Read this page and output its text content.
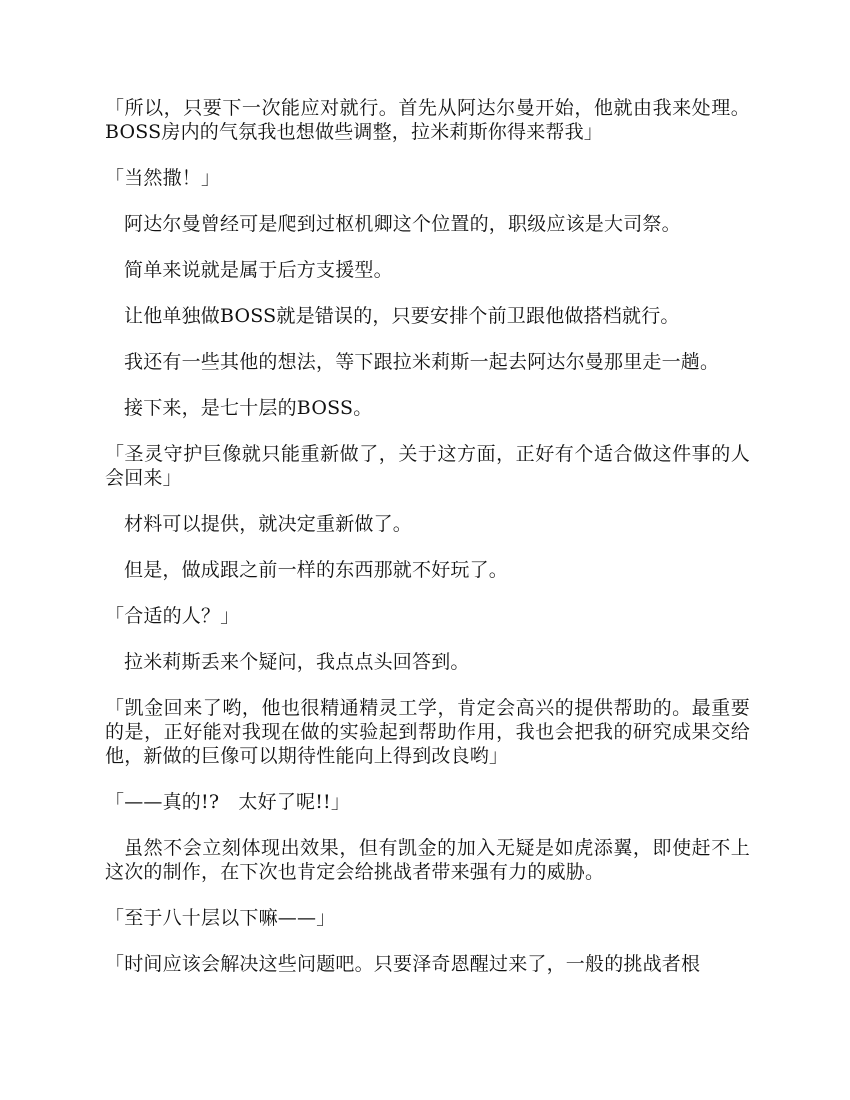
「所以，只要下一次能应对就行。首先从阿达尔曼开始，他就由我来处理。BOSS房内的气氛我也想做些调整，拉米莉斯你得来帮我」

「当然撒！」

阿达尔曼曾经可是爬到过枢机卿这个位置的，职级应该是大司祭。

简单来说就是属于后方支援型。

让他单独做BOSS就是错误的，只要安排个前卫跟他做搭档就行。

我还有一些其他的想法，等下跟拉米莉斯一起去阿达尔曼那里走一趟。

接下来，是七十层的BOSS。

「圣灵守护巨像就只能重新做了，关于这方面，正好有个适合做这件事的人会回来」

材料可以提供，就决定重新做了。

但是，做成跟之前一样的东西那就不好玩了。

「合适的人？」

拉米莉斯丢来个疑问，我点点头回答到。

「凯金回来了哟，他也很精通精灵工学，肯定会高兴的提供帮助的。最重要的是，正好能对我现在做的实验起到帮助作用，我也会把我的研究成果交给他，新做的巨像可以期待性能向上得到改良哟」

「——真的!?　太好了呢!!」

虽然不会立刻体现出效果，但有凯金的加入无疑是如虎添翼，即使赶不上这次的制作，在下次也肯定会给挑战者带来强有力的威胁。

「至于八十层以下嘛——」

「时间应该会解决这些问题吧。只要泽奇恩醒过来了，一般的挑战者根
